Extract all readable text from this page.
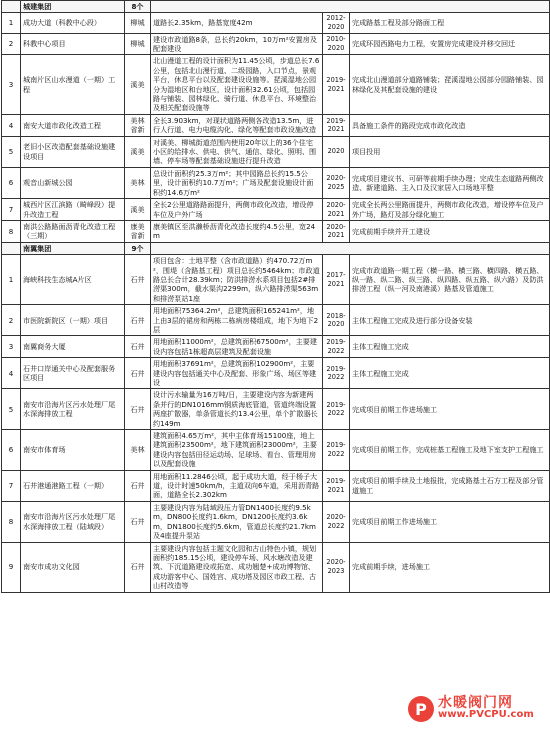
	城建集团	8个			
1	成功大道（科教中心段）	柳城	道路长2.35km，路基宽度42m	2012-2020	完成路基工程及部分路面工程
2	科教中心项目	柳城	建设市政道路8条，总长约20km，10万m²安置房及配套建设	2010-2020	完成环园西路电力工程，安置房完成建设并移交回迁
3	城南片区山水漫道（一期）工程	溪美	北山漫道工程的设计面积为11.45公顷，步道总长7.6公里，包括北山漫行道、二级园路，入口节点，景观平台，休息平台以及配套建设设施等。琵溪湿地公园分为湿地区和台地区，设计面积32.61公顷，包括园路与铺装、园林绿化、骑行道、休息平台、环境整治及相关配套设施等	2019-2021	完成北山漫道部分道路铺装；琵溪湿地公园部分园路铺装、园林绿化及其配套设施的建设
4	南安大道市政化改造工程	美林省新	全长3.903km，对现状道路两侧各改造13.5m，进行人行道、电力电缆沟化、绿化等配套市政设施改造	2019-2021	具备施工条件的路段完成市政化改造
5	老旧小区改造配套基础设施建设项目	溪美	对溪美、柳城街道范围内使用20年以上的36个住宅小区的给排水、供电、供气、通信、绿化、照明、围墙、停车场等配套基础设施进行提升改造	2020	项目投用
6	观音山新城公园	美林	总设计面积约25.3万m²；其中园路总长约15.5公里，设计面积约10.7万m²；广场及配套设施设计面积约14.6万m²	2020-2025	完成项目建议书、可研等前期手续办理；完成生态道路两侧改造、新建道路、主入口及汉家居入口场地平整
7	城西片区江滨路（畸峰段）提升改造工程	溪美	全长2公里道路路面提升，两侧市政化改造，增设停车位及户外广场	2020-2021	完成全长两公里路面提升，两侧市政化改造，增设停车位及户外广场，路灯及部分绿化施工
8	南洪公路路面沥青化改造工程（三期）	康美省新	康美镇区至洪濑桥沥青化改造长度约4.5公里，宽24m	2020-2021	完成前期手续并开工建设
	南翼集团	9个			
1	海峡科技生态城A片区	石井	项目包含：土地平整（含市政道路）约470.72万m²，围堤（含路基工程）项目总长约5464km；市政道路总长合计28.39km；防洪排涝水系项目包括2#排涝渠300m，截水渠沟2299m，纵六路排涝渠563m和排涝泵站1座	2017-2021	完成市政道路一期工程（横一路、横三路、横四路、横五路、纵一路、纵二路、纵三路、纵四路、纵五路、纵六路）及防洪排涝工程（纵一河及南港溪）路基及管道施工
2	市医院新院区（一期）项目	石井	用地面积75364.2m²，总建筑面积165241m²，地上由3层的裙房和两栋二栋病房楼组成，地下为地下2层	2018-2020	主体工程施工完成及进行部分设备安装
3	南翼商务大厦	石井	用地面积11000m²，总建筑面积67500m²，主要建设内容包括1栋超高层建筑及配套设施	2019-2022	主体工程施工完成
4	石井口岸通关中心及配套服务区项目	石井	用地面积37691m²，总建筑面积102900m²，主要建设内容包括通关中心及配套、形象广场、场区等建设	2019-2022	主体工程施工完成
5	南安市沿海片区污水处理厂尾水深海排放工程	石井	设计污水输量为16万吨/日，主要建设内容为新建两条并行的DN1016mm钢质海底管道，管道终端设置两座扩散器，单条管道长约13.4公里，单个扩散器长约149m	2019-2022	完成项目前期工作进场施工
6	南安市体育场	美林	建筑面积4.65万m²，其中主体育场15100座，地上建筑面积23500m²，地下建筑面积23000m²，主要建设内容包括田径运动场、足球场、看台、管理用房以及配套设施	2019-2022	完成项目前期工作，完成桩基工程施工及地下室支护工程施工
7	石井港通港路工程（一期）	石井	用地面积11.2846公顷，起于成功大道，经于杨子大道，设计时速50km/h，主道双向6车道，采用沥青路面，道路全长2.302km	2019-2021	完成项目前期手续及土地报批，完成路基土石方工程及部分管道施工
8	南安市沿海片区污水处理厂尾水深海排放工程（陆域段）	石井	主要建设内容为陆域段压力管DN1400长度约9.5km，DN800长度约1.6km，DN1200长度约3.6km，DN1800长度约5.6km，管道总长度约21.7km及4座提升泵站	2020-2022	完成项目前期工作进场施工
9	南安市成功文化园	石井	主要建设内容包括主题文化园和古山特色小镇，规划面积约185.15公顷，建设停车场、风水塘改造及建筑、下沉道路建设或拓宽、成功翘楚+成功博物馆、成功游客中心、国姓宫、成功塔及园区市政工程、古山村改造等	2020-2023	完成前期手续，进场施工
P 水暖阀门网
www.PVCPU.com
